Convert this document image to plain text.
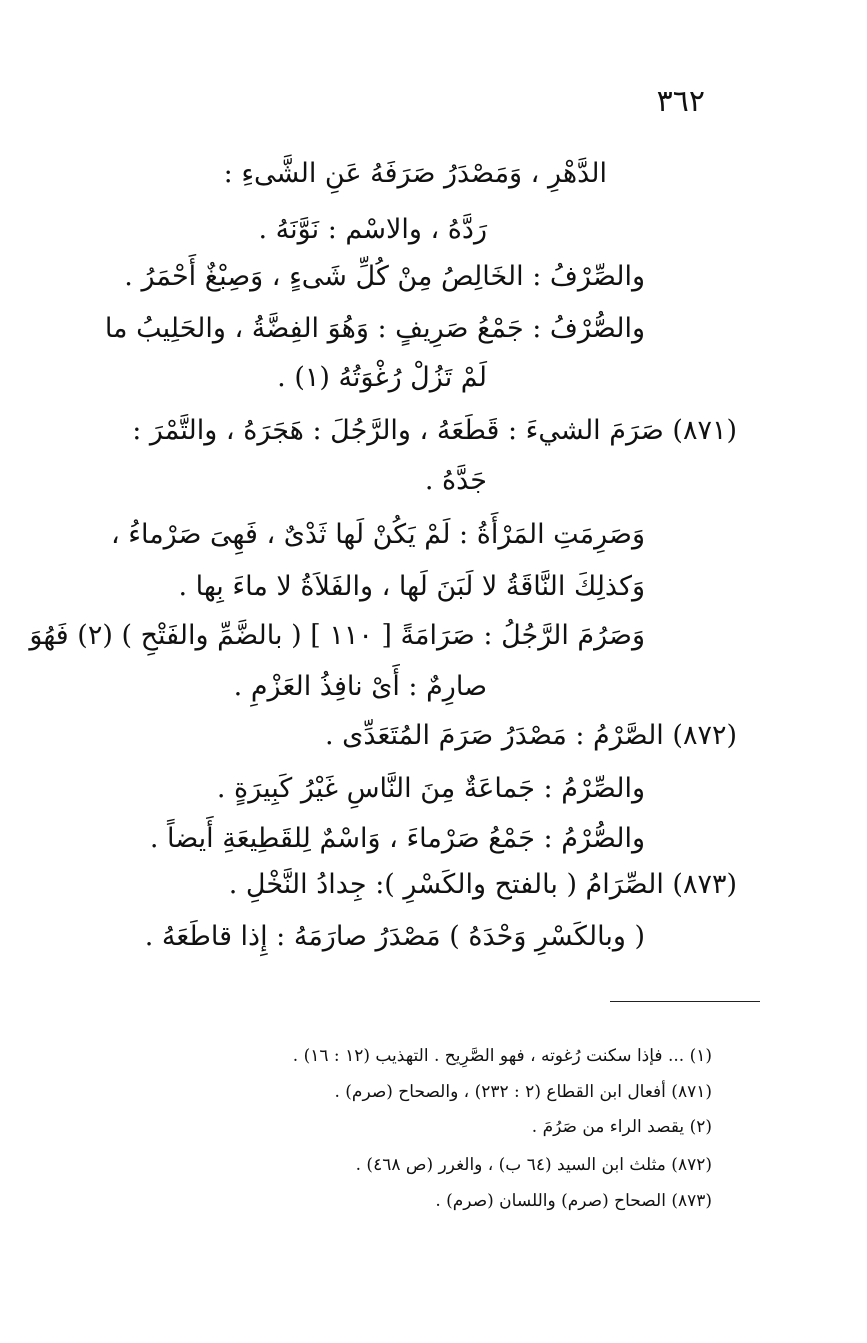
٣٦٢
الدَّهْرِ ، وَمَصْدَرُ صَرَفَهُ عَنِ الشَّىءِ :
رَدَّهُ ، والاسْم : نَوَّنَهُ .
والصِّرْفُ : الخَالِصُ مِنْ كُلِّ شَىءٍ ، وَصِبْغٌ أَحْمَرُ .
والصُّرْفُ : جَمْعُ صَرِيفٍ : وَهُوَ الفِضَّةُ ، والحَلِيبُ ما
لَمْ تَزُلْ رُغْوَتُهُ (١) .
(٨٧١) صَرَمَ الشيءَ : قَطَعَهُ ، والرَّجُلَ : هَجَرَهُ ، والتَّمْرَ :
جَدَّهُ .
وَصَرِمَتِ المَرْأَةُ : لَمْ يَكُنْ لَها ثَدْىٌ ، فَهِىَ صَرْماءُ ،
وَكذلِكَ النَّاقَةُ لا لَبَنَ لَها ، والفَلاَةُ لا ماءَ بِها .
وَصَرُمَ الرَّجُلُ : صَرَامَةً [ ١١٠ ] ( بالضَّمِّ والفَتْحِ ) (٢) فَهُوَ
صارِمٌ : أَىْ نافِذُ العَزْمِ .
(٨٧٢) الصَّرْمُ : مَصْدَرُ صَرَمَ المُتَعَدِّى .
والصِّرْمُ : جَماعَةٌ مِنَ النَّاسِ غَيْرُ كَبِيرَةٍ .
والصُّرْمُ : جَمْعُ صَرْماءَ ، وَاسْمٌ لِلقَطِيعَةِ أَيضاً .
(٨٧٣) الصِّرَامُ ( بالفتح والكَسْرِ ): جِدادُ النَّخْلِ .
( وبالكَسْرِ وَحْدَهُ ) مَصْدَرُ صارَمَهُ : إِذا قاطَعَهُ .
(١) ... فإذا سكنت رُغوته ، فهو الصَّرِيح . التهذيب (١٢ : ١٦) .
(٨٧١) أفعال ابن القطاع (٢ : ٢٣٢) ، والصحاح (صرم) .
(٢) يقصد الراء من صَرُمَ .
(٨٧٢) مثلث ابن السيد (٦٤ ب) ، والغرر (ص ٤٦٨) .
(٨٧٣) الصحاح (صرم) واللسان (صرم) .
